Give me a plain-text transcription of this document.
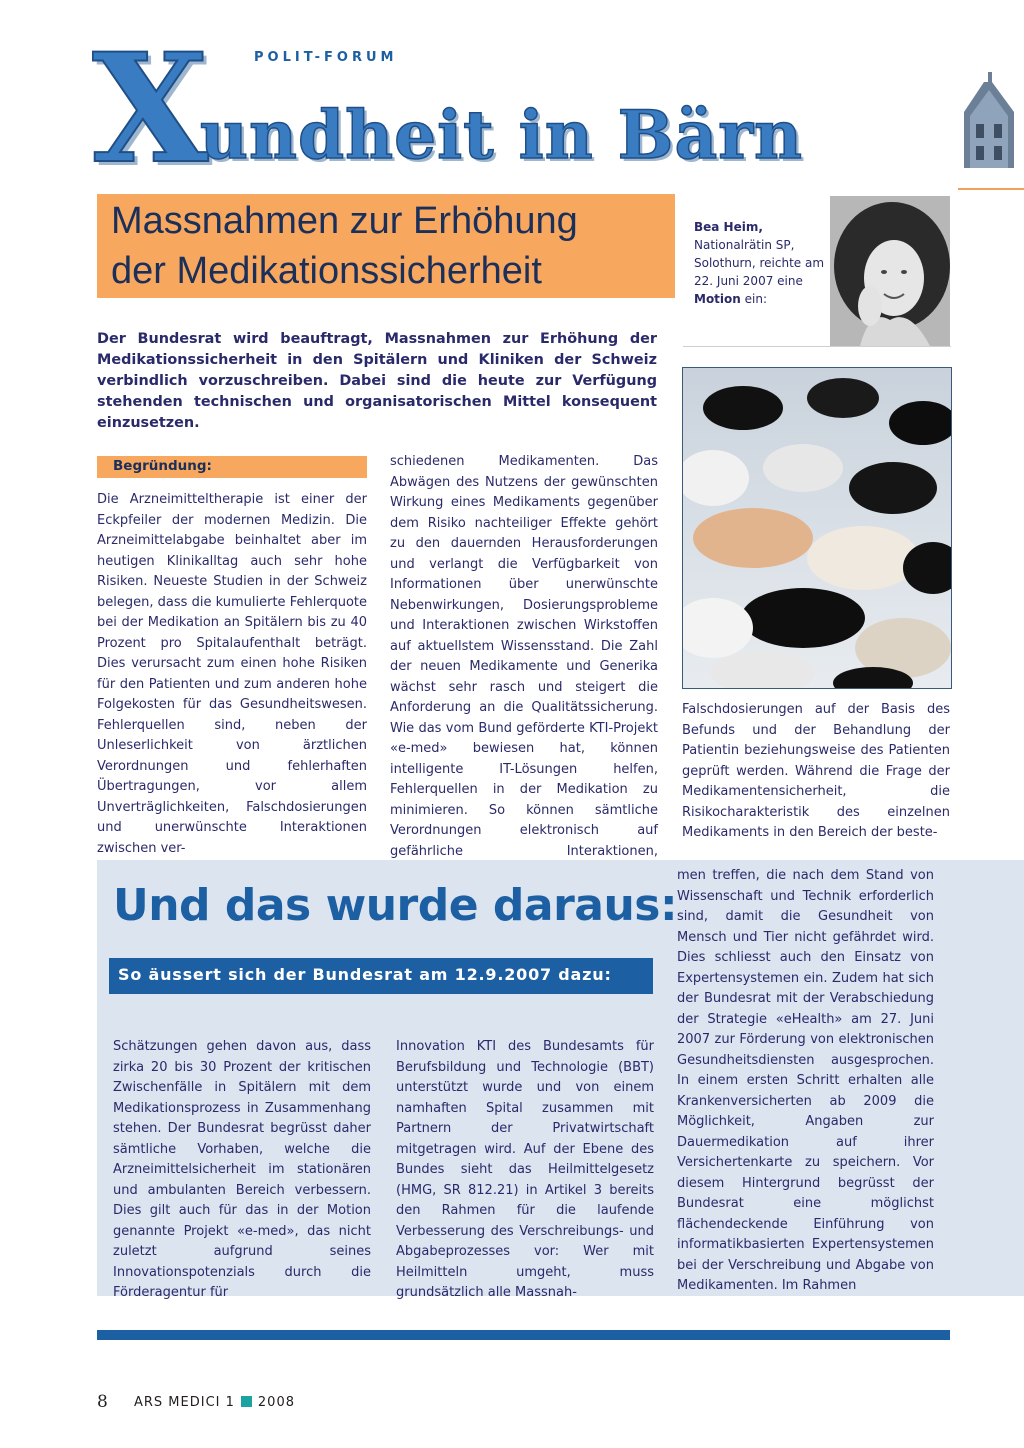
X
undheit in Bärn
POLIT-FORUM
Massnahmen zur Erhöhung
der Medikationssicherheit
Bea Heim,
Nationalrätin SP,
Solothurn, reichte am
22. Juni 2007 eine
Motion ein:
Der Bundesrat wird beauftragt, Massnahmen zur Erhöhung der Medikationssicherheit in den Spitälern und Kliniken der Schweiz verbindlich vorzuschreiben. Dabei sind die heute zur Verfügung stehenden technischen und organisatorischen Mittel konsequent einzusetzen.
Begründung:
Die Arzneimitteltherapie ist einer der Eckpfeiler der modernen Medizin. Die Arzneimittelabgabe beinhaltet aber im heutigen Klinikalltag auch sehr hohe Risiken. Neueste Studien in der Schweiz belegen, dass die kumulierte Fehlerquote bei der Medikation an Spitälern bis zu 40 Prozent pro Spitalaufenthalt beträgt. Dies verursacht zum einen hohe Risiken für den Patienten und zum anderen hohe Folgekosten für das Gesundheitswesen. Fehlerquellen sind, neben der Unleserlichkeit von ärztlichen Verordnungen und fehlerhaften Übertragungen, vor allem Unverträglichkeiten, Falschdosierungen und unerwünschte Interaktionen zwischen ver-
schiedenen Medikamenten. Das Abwägen des Nutzens der gewünschten Wirkung eines Medikaments gegenüber dem Risiko nachteiliger Effekte gehört zu den dauernden Herausforderungen und verlangt die Verfügbarkeit von Informationen über unerwünschte Nebenwirkungen, Dosierungsprobleme und Interaktionen zwischen Wirkstoffen auf aktuellstem Wissensstand. Die Zahl der neuen Medikamente und Generika wächst sehr rasch und steigert die Anforderung an die Qualitätssicherung. Wie das vom Bund geförderte KTI-Projekt «e-med» bewiesen hat, können intelligente IT-Lösungen helfen, Fehlerquellen in der Medikation zu minimieren. So können sämtliche Verordnungen elektronisch auf gefährliche Interaktionen,
Falschdosierungen auf der Basis des Befunds und der Behandlung der Patientin beziehungsweise des Patienten geprüft werden. Während die Frage der Medikamentensicherheit, die Risikocharakteristik des einzelnen Medikaments in den Bereich der beste-
Und das wurde daraus:
So äussert sich der Bundesrat am 12.9.2007 dazu:
Schätzungen gehen davon aus, dass zirka 20 bis 30 Prozent der kritischen Zwischenfälle in Spitälern mit dem Medikationsprozess in Zusammenhang stehen. Der Bundesrat begrüsst daher sämtliche Vorhaben, welche die Arzneimittelsicherheit im stationären und ambulanten Bereich verbessern. Dies gilt auch für das in der Motion genannte Projekt «e-med», das nicht zuletzt aufgrund seines Innovationspotenzials durch die Förderagentur für
Innovation KTI des Bundesamts für Berufsbildung und Technologie (BBT) unterstützt wurde und von einem namhaften Spital zusammen mit Partnern der Privatwirtschaft mitgetragen wird. Auf der Ebene des Bundes sieht das Heilmittelgesetz (HMG, SR 812.21) in Artikel 3 bereits den Rahmen für die laufende Verbesserung des Verschreibungs- und Abgabeprozesses vor: Wer mit Heilmitteln umgeht, muss grundsätzlich alle Massnah-
men treffen, die nach dem Stand von Wissenschaft und Technik erforderlich sind, damit die Gesundheit von Mensch und Tier nicht gefährdet wird. Dies schliesst auch den Einsatz von Expertensystemen ein. Zudem hat sich der Bundesrat mit der Verabschiedung der Strategie «eHealth» am 27. Juni 2007 zur Förderung von elektronischen Gesundheitsdiensten ausgesprochen. In einem ersten Schritt erhalten alle Krankenversicherten ab 2009 die Möglichkeit, Angaben zur Dauermedikation auf ihrer Versichertenkarte zu speichern. Vor diesem Hintergrund begrüsst der Bundesrat eine möglichst flächendeckende Einführung von informatikbasierten Expertensystemen bei der Verschreibung und Abgabe von Medikamenten. Im Rahmen
8 ARS MEDICI 1 2008
